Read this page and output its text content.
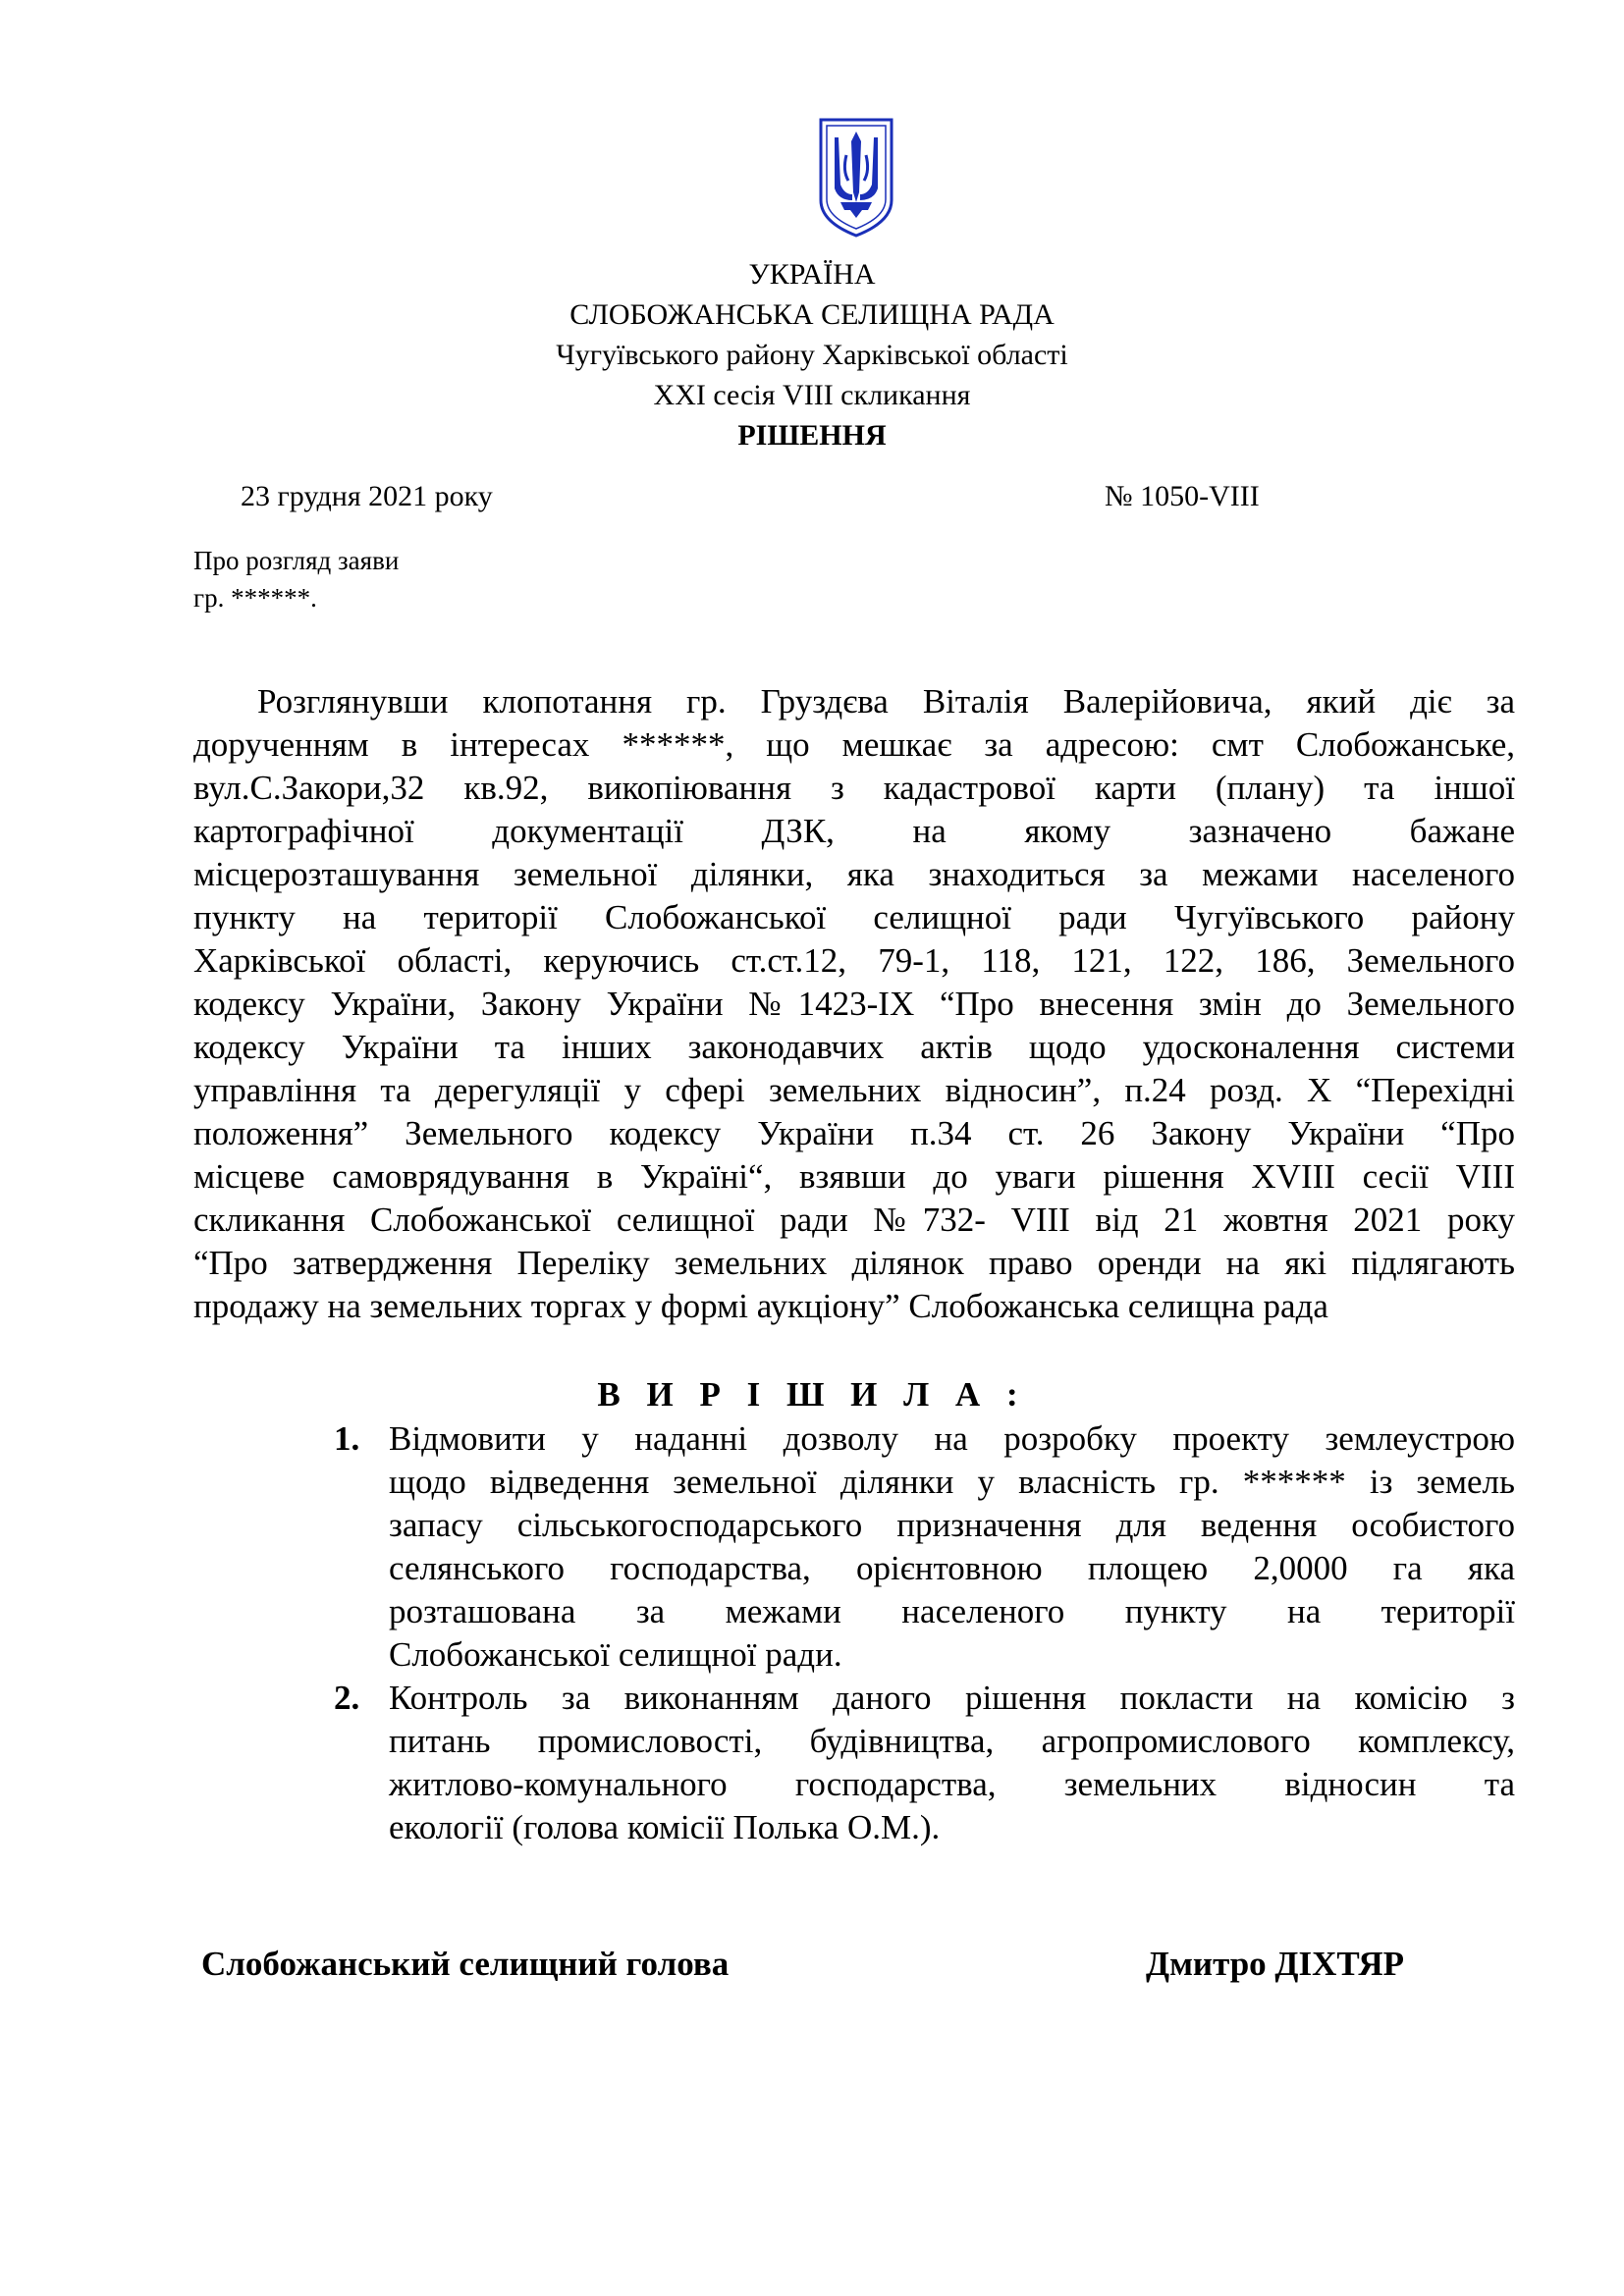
УКРАЇНА
СЛОБОЖАНСЬКА СЕЛИЩНА РАДА
Чугуївського району Харківської області
XXI сесія VIII скликання
РІШЕННЯ
23 грудня 2021 року	№ 1050-VIII
Про розгляд заяви
гр. ******.
Розглянувши клопотання гр. Груздєва Віталія Валерійовича, який діє за
дорученням в інтересах ******, що мешкає за адресою: смт Слобожанське,
вул.С.Закори,32 кв.92, викопіювання з кадастрової карти (плану) та іншої
картографічної документації ДЗК, на якому зазначено бажане
місцерозташування земельної ділянки, яка знаходиться за межами населеного
пункту на території Слобожанської селищної ради Чугуївського району
Харківської області, керуючись ст.ст.12, 79-1, 118, 121, 122, 186, Земельного
кодексу України, Закону України №1423-IX “Про внесення змін до Земельного
кодексу України та інших законодавчих актів щодо удосконалення системи
управління та дерегуляції у сфері земельних відносин”, п.24 розд. X “Перехідні
положення” Земельного кодексу України п.34 ст. 26 Закону України “Про
місцеве самоврядування в Україні“, взявши до уваги рішення XVIII сесії VIII
скликання Слобожанської селищної ради №732- VIII від 21 жовтня 2021 року
“Про затвердження Переліку земельних ділянок право оренди на які підлягають
продажу на земельних торгах у формі аукціону” Слобожанська селищна рада
В И Р І Ш И Л А :
1. Відмовити у наданні дозволу на розробку проекту землеустрою
щодо відведення земельної ділянки у власність гр. ****** із земель
запасу сільськогосподарського призначення для ведення особистого
селянського господарства, орієнтовною площею 2,0000 га яка
розташована за межами населеного пункту на території
Слобожанської селищної ради.
2. Контроль за виконанням даного рішення покласти на комісію з
питань промисловості, будівництва, агропромислового комплексу,
житлово-комунального господарства, земельних відносин та
екології (голова комісії Полька О.М.).
Слобожанський селищний голова	Дмитро ДІХТЯР
